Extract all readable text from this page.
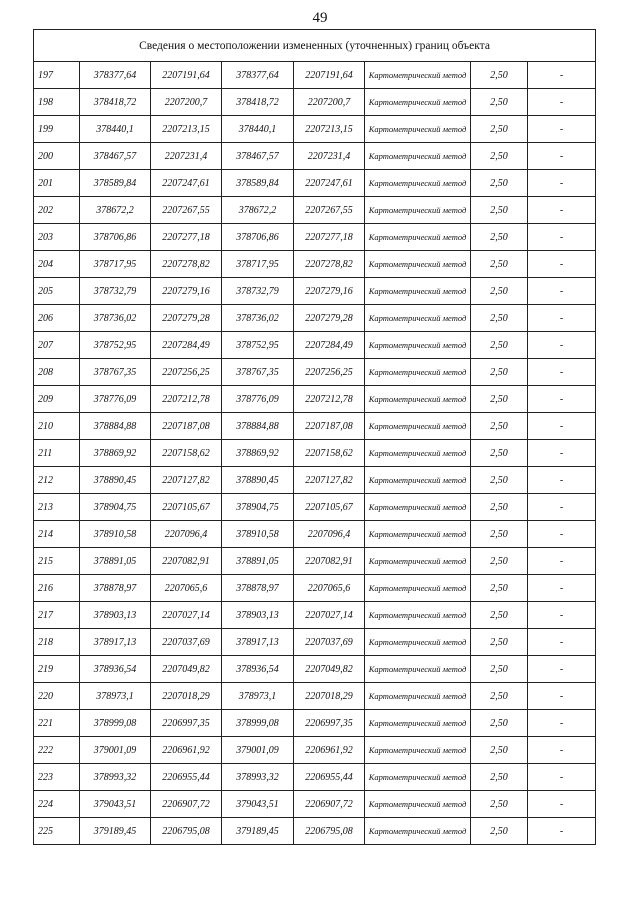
49
Сведения о местоположении измененных (уточненных) границ объекта							
197	378377,64	2207191,64	378377,64	2207191,64	Картометрический метод	2,50	-
198	378418,72	2207200,7	378418,72	2207200,7	Картометрический метод	2,50	-
199	378440,1	2207213,15	378440,1	2207213,15	Картометрический метод	2,50	-
200	378467,57	2207231,4	378467,57	2207231,4	Картометрический метод	2,50	-
201	378589,84	2207247,61	378589,84	2207247,61	Картометрический метод	2,50	-
202	378672,2	2207267,55	378672,2	2207267,55	Картометрический метод	2,50	-
203	378706,86	2207277,18	378706,86	2207277,18	Картометрический метод	2,50	-
204	378717,95	2207278,82	378717,95	2207278,82	Картометрический метод	2,50	-
205	378732,79	2207279,16	378732,79	2207279,16	Картометрический метод	2,50	-
206	378736,02	2207279,28	378736,02	2207279,28	Картометрический метод	2,50	-
207	378752,95	2207284,49	378752,95	2207284,49	Картометрический метод	2,50	-
208	378767,35	2207256,25	378767,35	2207256,25	Картометрический метод	2,50	-
209	378776,09	2207212,78	378776,09	2207212,78	Картометрический метод	2,50	-
210	378884,88	2207187,08	378884,88	2207187,08	Картометрический метод	2,50	-
211	378869,92	2207158,62	378869,92	2207158,62	Картометрический метод	2,50	-
212	378890,45	2207127,82	378890,45	2207127,82	Картометрический метод	2,50	-
213	378904,75	2207105,67	378904,75	2207105,67	Картометрический метод	2,50	-
214	378910,58	2207096,4	378910,58	2207096,4	Картометрический метод	2,50	-
215	378891,05	2207082,91	378891,05	2207082,91	Картометрический метод	2,50	-
216	378878,97	2207065,6	378878,97	2207065,6	Картометрический метод	2,50	-
217	378903,13	2207027,14	378903,13	2207027,14	Картометрический метод	2,50	-
218	378917,13	2207037,69	378917,13	2207037,69	Картометрический метод	2,50	-
219	378936,54	2207049,82	378936,54	2207049,82	Картометрический метод	2,50	-
220	378973,1	2207018,29	378973,1	2207018,29	Картометрический метод	2,50	-
221	378999,08	2206997,35	378999,08	2206997,35	Картометрический метод	2,50	-
222	379001,09	2206961,92	379001,09	2206961,92	Картометрический метод	2,50	-
223	378993,32	2206955,44	378993,32	2206955,44	Картометрический метод	2,50	-
224	379043,51	2206907,72	379043,51	2206907,72	Картометрический метод	2,50	-
225	379189,45	2206795,08	379189,45	2206795,08	Картометрический метод	2,50	-
